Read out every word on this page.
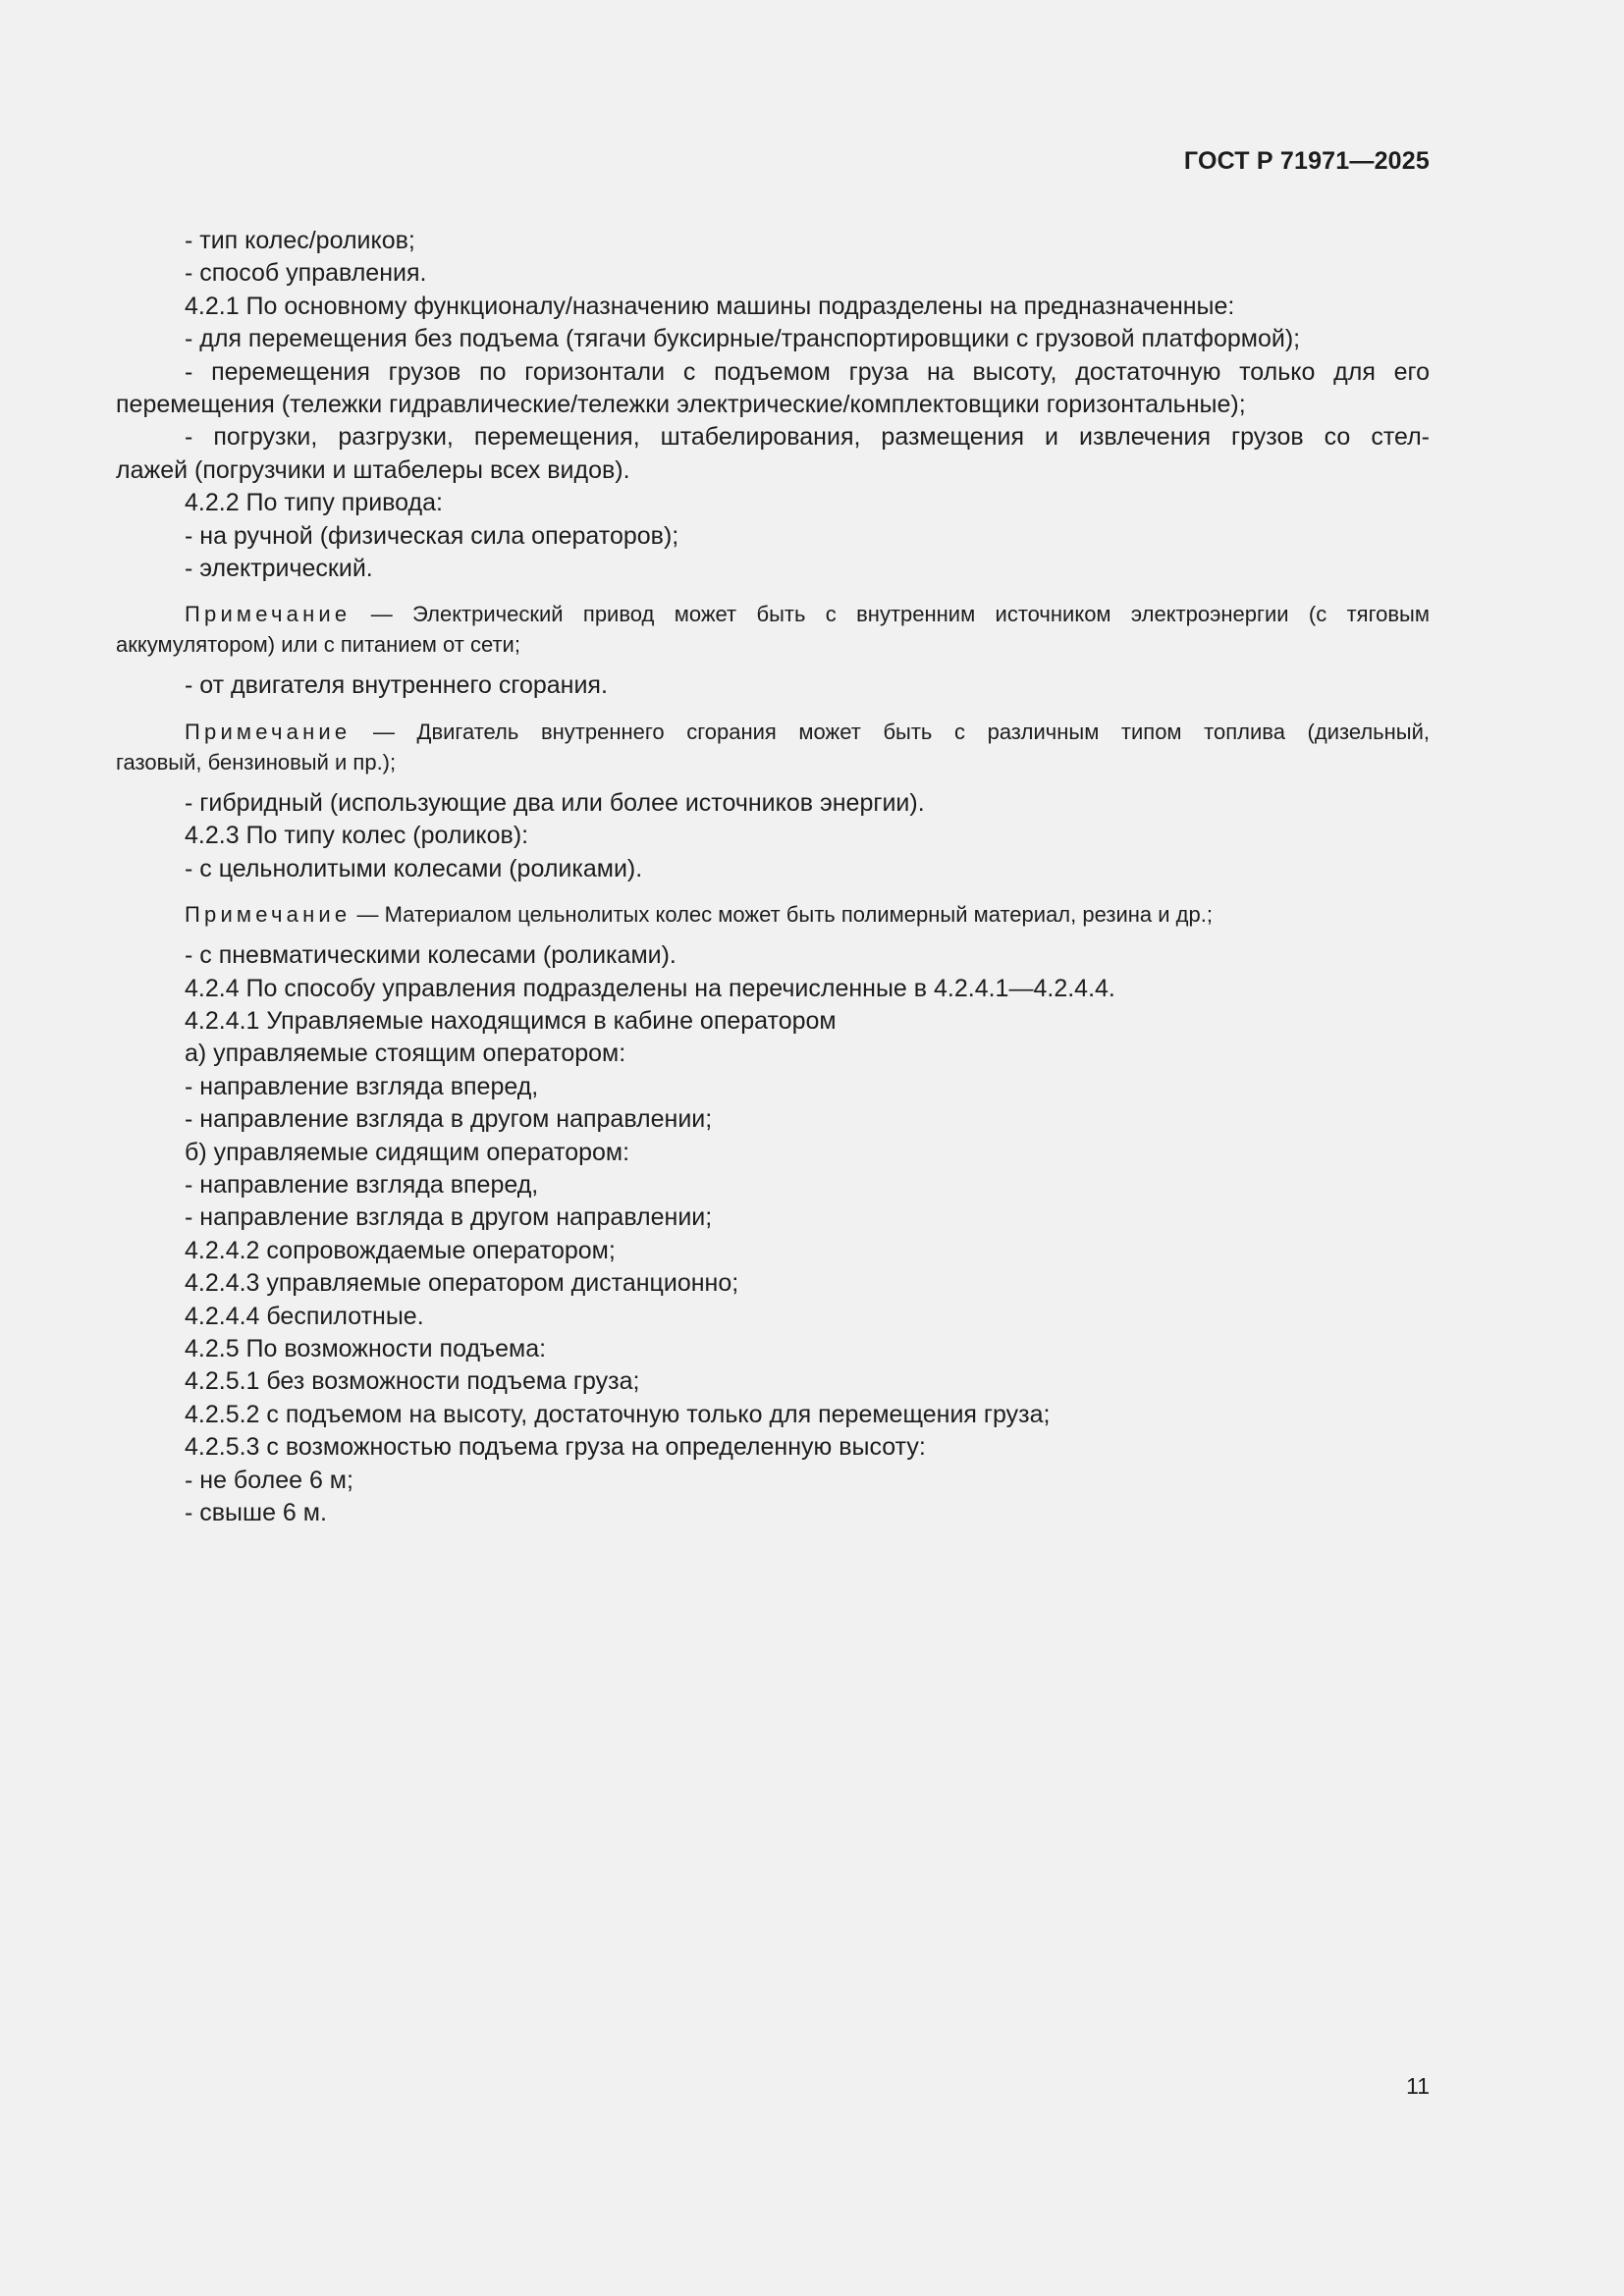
ГОСТ Р 71971—2025
- тип колес/роликов;
- способ управления.
4.2.1 По основному функционалу/назначению машины подразделены на предназначенные:
- для перемещения без подъема (тягачи буксирные/транспортировщики с грузовой платформой);
- перемещения грузов по горизонтали с подъемом груза на высоту, достаточную только для его
перемещения (тележки гидравлические/тележки электрические/комплектовщики горизонтальные);
- погрузки, разгрузки, перемещения, штабелирования, размещения и извлечения грузов со стел-
лажей (погрузчики и штабелеры всех видов).
4.2.2 По типу привода:
- на ручной (физическая сила операторов);
- электрический.
Примечание — Электрический привод может быть с внутренним источником электроэнергии (с тяговым
аккумулятором) или с питанием от сети;
- от двигателя внутреннего сгорания.
Примечание — Двигатель внутреннего сгорания может быть с различным типом топлива (дизельный,
газовый, бензиновый и пр.);
- гибридный (использующие два или более источников энергии).
4.2.3 По типу колес (роликов):
- с цельнолитыми колесами (роликами).
Примечание — Материалом цельнолитых колес может быть полимерный материал, резина и др.;
- с пневматическими колесами (роликами).
4.2.4 По способу управления подразделены на перечисленные в 4.2.4.1—4.2.4.4.
4.2.4.1 Управляемые находящимся в кабине оператором
а) управляемые стоящим оператором:
- направление взгляда вперед,
- направление взгляда в другом направлении;
б) управляемые сидящим оператором:
- направление взгляда вперед,
- направление взгляда в другом направлении;
4.2.4.2 сопровождаемые оператором;
4.2.4.3 управляемые оператором дистанционно;
4.2.4.4 беспилотные.
4.2.5 По возможности подъема:
4.2.5.1 без возможности подъема груза;
4.2.5.2 с подъемом на высоту, достаточную только для перемещения груза;
4.2.5.3 с возможностью подъема груза на определенную высоту:
- не более 6 м;
- свыше 6 м.
11
